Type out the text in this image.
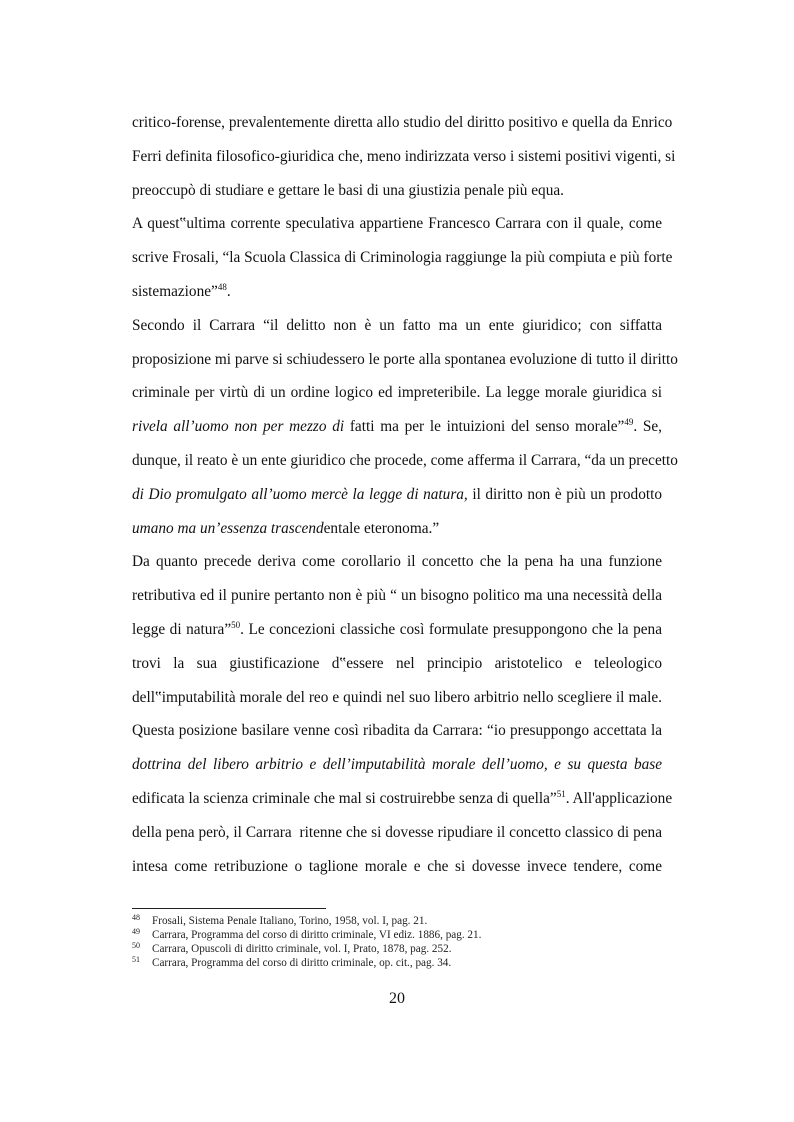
critico-forense, prevalentemente diretta allo studio del diritto positivo e quella da Enrico
Ferri definita filosofico-giuridica che, meno indirizzata verso i sistemi positivi vigenti, si
preoccupò di studiare e gettare le basi di una giustizia penale più equa.
A quest‟ultima corrente speculativa appartiene Francesco Carrara con il quale, come
scrive Frosali, “la Scuola Classica di Criminologia raggiunge la più compiuta e più forte
sistemazione”$^{48}$.
Secondo il Carrara “il delitto non è un fatto ma un ente giuridico; con siffatta
proposizione mi parve si schiudessero le porte alla spontanea evoluzione di tutto il diritto
criminale per virtù di un ordine logico ed impreteribile. La legge morale giuridica si
rivela all’uomo non per mezzo di fatti ma per le intuizioni del senso morale”$^{49}$. Se,
dunque, il reato è un ente giuridico che procede, come afferma il Carrara, “da un precetto
di Dio promulgato all’uomo mercè la legge di natura, il diritto non è più un prodotto
umano ma un’essenza trascendentale eteronoma.”
Da quanto precede deriva come corollario il concetto che la pena ha una funzione
retributiva ed il punire pertanto non è più “ un bisogno politico ma una necessità della
legge di natura”$^{50}$. Le concezioni classiche così formulate presuppongono che la pena
trovi la sua giustificazione d‟essere nel principio aristotelico e teleologico
dell‟imputabilità morale del reo e quindi nel suo libero arbitrio nello scegliere il male.
Questa posizione basilare venne così ribadita da Carrara: “io presuppongo accettata la
dottrina del libero arbitrio e dell’imputabilità morale dell’uomo, e su questa base
edificata la scienza criminale che mal si costruirebbe senza di quella”$^{51}$. All'applicazione
della pena però, il Carrara  ritenne che si dovesse ripudiare il concetto classico di pena
intesa come retribuzione o taglione morale e che si dovesse invece tendere, come
48 Frosali, Sistema Penale Italiano, Torino, 1958, vol. I, pag. 21.
49 Carrara, Programma del corso di diritto criminale, VI ediz. 1886, pag. 21.
50 Carrara, Opuscoli di diritto criminale, vol. I, Prato, 1878, pag. 252.
51 Carrara, Programma del corso di diritto criminale, op. cit., pag. 34.
20
